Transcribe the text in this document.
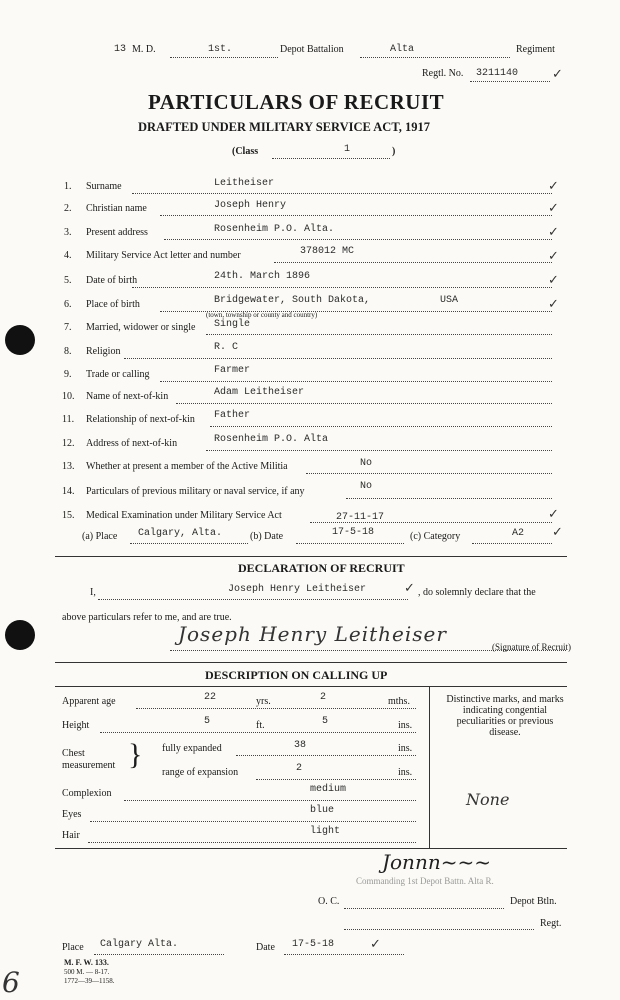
13 M. D.	1st.	Depot Battalion	Alta	Regiment
Regtl. No. 3211140
PARTICULARS OF RECRUIT
DRAFTED UNDER MILITARY SERVICE ACT, 1917
(Class	1	)
1. Surname	Leitheiser
2. Christian name	Joseph Henry
3. Present address	Rosenheim P.O. Alta.
4. Military Service Act letter and number	378012 MC
5. Date of birth	24th. March 1896
6. Place of birth	Bridgewater, South Dakota,	USA
(town, township or county and country)
7. Married, widower or single Single
8. Religion	R. C
9. Trade or calling	Farmer
10. Name of next-of-kin	Adam Leitheiser
11. Relationship of next-of-kin Father
12. Address of next-of-kin	Rosenheim P.O. Alta
13. Whether at present a member of the Active Militia	No
14. Particulars of previous military or naval service, if any	No
15. Medical Examination under Military Service Act	27-11-17
(a) Place Calgary, Alta.	(b) Date	17-5-18	(c) Category	A2
DECLARATION OF RECRUIT
I,	Joseph Henry Leitheiser	, do solemnly declare that the
above particulars refer to me, and are true.
Joseph Henry Leitheiser
(Signature of Recruit)
DESCRIPTION ON CALLING UP
Apparent age	22	yrs.	2	mths.
Height	5	ft.	5	ins.
Chest
measurement } fully expanded	38	ins.
range of expansion	2	ins.
Complexion	medium
Eyes	blue
Hair	light
Distinctive marks, and marks indicating congential peculiarities or previous disease.
None
Jonnn~~~
Commanding 1st Depot Battn. Alta R.
O. C.	Depot Btln.
Regt.
Place Calgary Alta.	Date 17-5-18
M. F. W. 133.
500 M. — 8-17.
1772—39—1158.
6
✓
✓
✓
✓
✓
✓
✓
✓
✓
✓
✓
